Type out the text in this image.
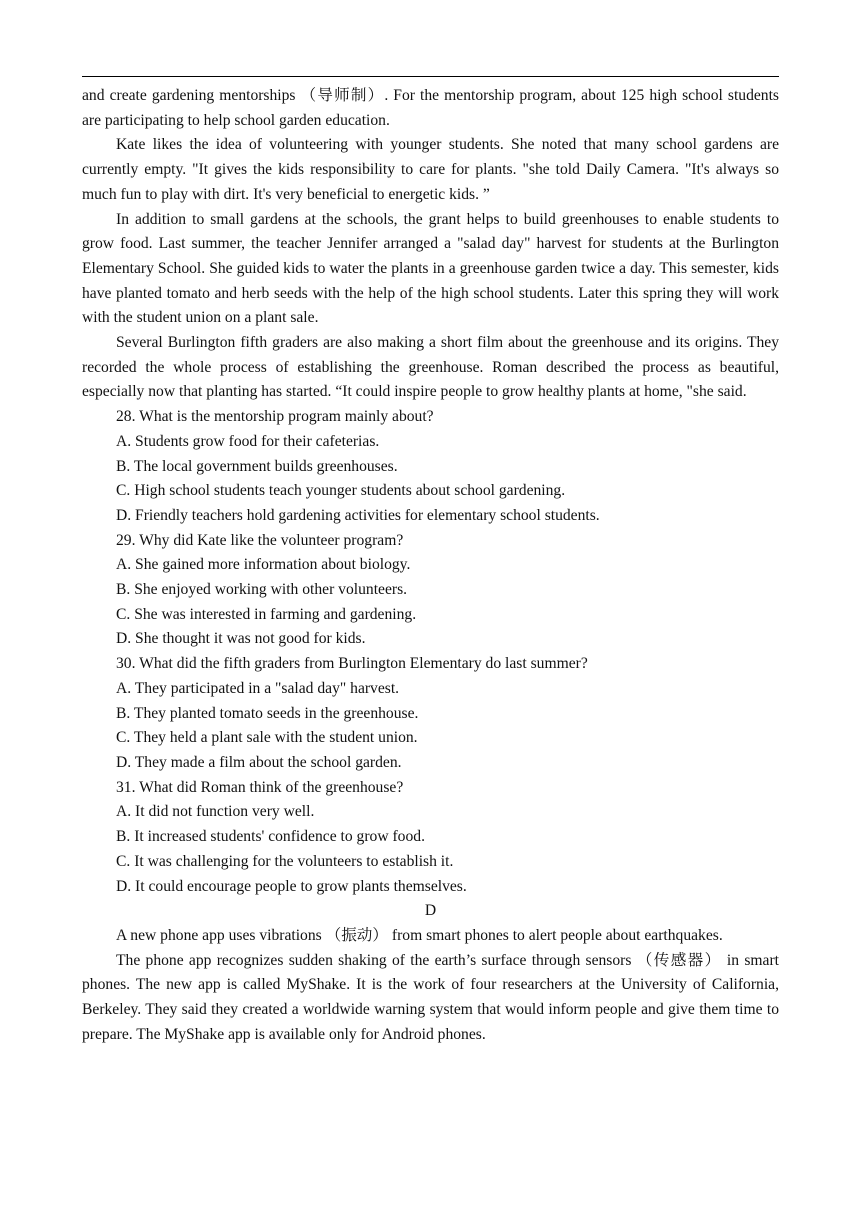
and create gardening mentorships （导师制）. For the mentorship program, about 125 high school students are participating to help school garden education.

Kate likes the idea of volunteering with younger students. She noted that many school gardens are currently empty. "It gives the kids responsibility to care for plants. "she told Daily Camera. "It's always so much fun to play with dirt. It's very beneficial to energetic kids. ”

In addition to small gardens at the schools, the grant helps to build greenhouses to enable students to grow food. Last summer, the teacher Jennifer arranged a "salad day" harvest for students at the Burlington Elementary School. She guided kids to water the plants in a greenhouse garden twice a day. This semester, kids have planted tomato and herb seeds with the help of the high school students. Later this spring they will work with the student union on a plant sale.

Several Burlington fifth graders are also making a short film about the greenhouse and its origins. They recorded the whole process of establishing the greenhouse. Roman described the process as beautiful, especially now that planting has started. “It could inspire people to grow healthy plants at home, "she said.

28. What is the mentorship program mainly about?

A. Students grow food for their cafeterias.

B. The local government builds greenhouses.

C. High school students teach younger students about school gardening.

D. Friendly teachers hold gardening activities for elementary school students.

29. Why did Kate like the volunteer program?

A. She gained more information about biology.

B. She enjoyed working with other volunteers.

C. She was interested in farming and gardening.

D. She thought it was not good for kids.

30. What did the fifth graders from Burlington Elementary do last summer?

A. They participated in a "salad day" harvest.

B. They planted tomato seeds in the greenhouse.

C. They held a plant sale with the student union.

D. They made a film about the school garden.

31. What did Roman think of the greenhouse?

A. It did not function very well.

B. It increased students' confidence to grow food.

C. It was challenging for the volunteers to establish it.

D. It could encourage people to grow plants themselves.

D

A new phone app uses vibrations （振动） from smart phones to alert people about earthquakes.

The phone app recognizes sudden shaking of the earth’s surface through sensors （传感器） in smart phones. The new app is called MyShake. It is the work of four researchers at the University of California, Berkeley. They said they created a worldwide warning system that would inform people and give them time to prepare. The MyShake app is available only for Android phones.
